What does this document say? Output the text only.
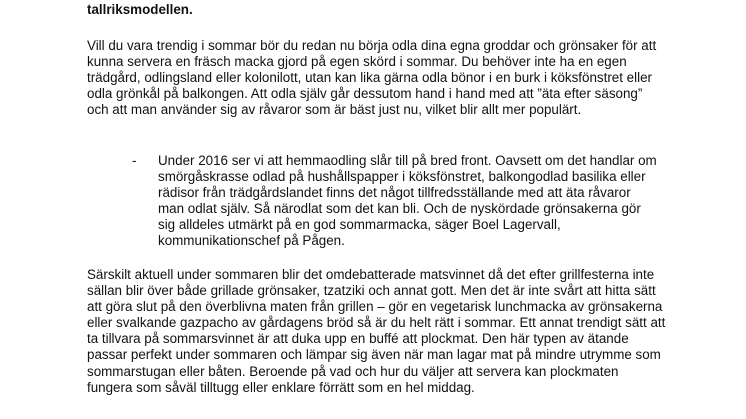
tallriksmodellen.

Vill du vara trendig i sommar bör du redan nu börja odla dina egna groddar och grönsaker för att kunna servera en fräsch macka gjord på egen skörd i sommar. Du behöver inte ha en egen trädgård, odlingsland eller kolonilott, utan kan lika gärna odla bönor i en burk i köksfönstret eller odla grönkål på balkongen. Att odla själv går dessutom hand i hand med att ”äta efter säsong” och att man använder sig av råvaror som är bäst just nu, vilket blir allt mer populärt.

- Under 2016 ser vi att hemmaodling slår till på bred front. Oavsett om det handlar om smörgåskrasse odlad på hushållspapper i köksfönstret, balkongodlad basilika eller rädisor från trädgårdslandet finns det något tillfredsställande med att äta råvaror man odlat själv. Så närodlat som det kan bli. Och de nyskördade grönsakerna gör sig alldeles utmärkt på en god sommarmacka, säger Boel Lagervall, kommunikationschef på Pågen.

Särskilt aktuell under sommaren blir det omdebatterade matsvinnet då det efter grillfesterna inte sällan blir över både grillade grönsaker, tzatziki och annat gott. Men det är inte svårt att hitta sätt att göra slut på den överblivna maten från grillen – gör en vegetarisk lunchmacka av grönsakerna eller svalkande gazpacho av gårdagens bröd så är du helt rätt i sommar. Ett annat trendigt sätt att ta tillvara på sommarsvinnet är att duka upp en buffé att plockmat. Den här typen av ätande passar perfekt under sommaren och lämpar sig även när man lagar mat på mindre utrymme som sommarstugan eller båten. Beroende på vad och hur du väljer att servera kan plockmaten fungera som såväl tilltugg eller enklare förrätt som en hel middag.
